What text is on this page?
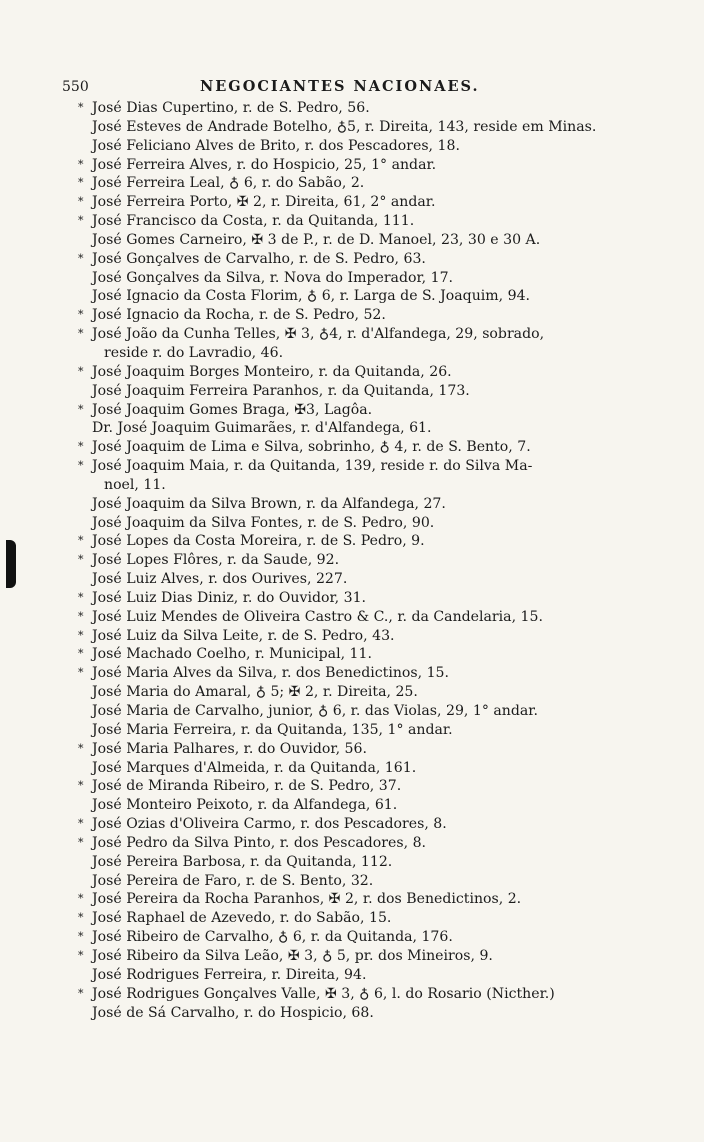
550	NEGOCIANTES NACIONAES.
* José Dias Cupertino, r. de S. Pedro, 56.
José Esteves de Andrade Botelho, ♁5, r. Direita, 143, reside em Minas.
José Feliciano Alves de Brito, r. dos Pescadores, 18.
* José Ferreira Alves, r. do Hospicio, 25, 1° andar.
* José Ferreira Leal, ♁ 6, r. do Sabão, 2.
* José Ferreira Porto, ✠ 2, r. Direita, 61, 2° andar.
* José Francisco da Costa, r. da Quitanda, 111.
José Gomes Carneiro, ✠ 3 de P., r. de D. Manoel, 23, 30 e 30 A.
* José Gonçalves de Carvalho, r. de S. Pedro, 63.
José Gonçalves da Silva, r. Nova do Imperador, 17.
José Ignacio da Costa Florim, ♁ 6, r. Larga de S. Joaquim, 94.
* José Ignacio da Rocha, r. de S. Pedro, 52.
* José João da Cunha Telles, ✠ 3, ♁4, r. d'Alfandega, 29, sobrado,
reside r. do Lavradio, 46.
* José Joaquim Borges Monteiro, r. da Quitanda, 26.
José Joaquim Ferreira Paranhos, r. da Quitanda, 173.
* José Joaquim Gomes Braga, ✠3, Lagôa.
Dr. José Joaquim Guimarães, r. d'Alfandega, 61.
* José Joaquim de Lima e Silva, sobrinho, ♁ 4, r. de S. Bento, 7.
* José Joaquim Maia, r. da Quitanda, 139, reside r. do Silva Ma-
noel, 11.
José Joaquim da Silva Brown, r. da Alfandega, 27.
José Joaquim da Silva Fontes, r. de S. Pedro, 90.
* José Lopes da Costa Moreira, r. de S. Pedro, 9.
* José Lopes Flôres, r. da Saude, 92.
José Luiz Alves, r. dos Ourives, 227.
* José Luiz Dias Diniz, r. do Ouvidor, 31.
* José Luiz Mendes de Oliveira Castro & C., r. da Candelaria, 15.
* José Luiz da Silva Leite, r. de S. Pedro, 43.
* José Machado Coelho, r. Municipal, 11.
* José Maria Alves da Silva, r. dos Benedictinos, 15.
José Maria do Amaral, ♁ 5; ✠ 2, r. Direita, 25.
José Maria de Carvalho, junior, ♁ 6, r. das Violas, 29, 1° andar.
José Maria Ferreira, r. da Quitanda, 135, 1° andar.
* José Maria Palhares, r. do Ouvidor, 56.
José Marques d'Almeida, r. da Quitanda, 161.
* José de Miranda Ribeiro, r. de S. Pedro, 37.
José Monteiro Peixoto, r. da Alfandega, 61.
* José Ozias d'Oliveira Carmo, r. dos Pescadores, 8.
* José Pedro da Silva Pinto, r. dos Pescadores, 8.
José Pereira Barbosa, r. da Quitanda, 112.
José Pereira de Faro, r. de S. Bento, 32.
* José Pereira da Rocha Paranhos, ✠ 2, r. dos Benedictinos, 2.
* José Raphael de Azevedo, r. do Sabão, 15.
* José Ribeiro de Carvalho, ♁ 6, r. da Quitanda, 176.
* José Ribeiro da Silva Leão, ✠ 3, ♁ 5, pr. dos Mineiros, 9.
José Rodrigues Ferreira, r. Direita, 94.
* José Rodrigues Gonçalves Valle, ✠ 3, ♁ 6, l. do Rosario (Nicther.)
José de Sá Carvalho, r. do Hospicio, 68.
